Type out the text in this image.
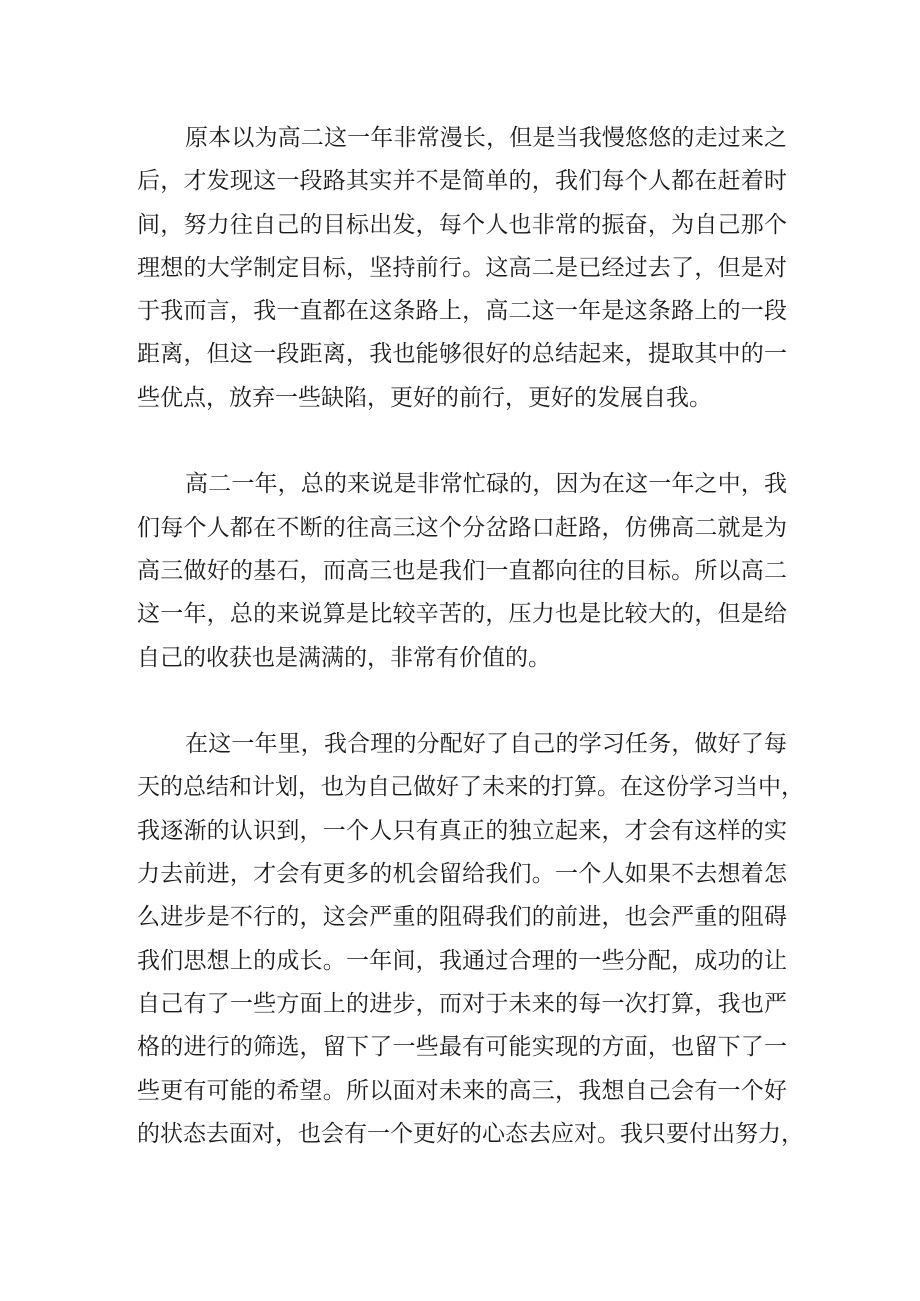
原本以为高二这一年非常漫长，但是当我慢悠悠的走过来之
后，才发现这一段路其实并不是简单的，我们每个人都在赶着时
间，努力往自己的目标出发，每个人也非常的振奋，为自己那个
理想的大学制定目标，坚持前行。这高二是已经过去了，但是对
于我而言，我一直都在这条路上，高二这一年是这条路上的一段
距离，但这一段距离，我也能够很好的总结起来，提取其中的一
些优点，放弃一些缺陷，更好的前行，更好的发展自我。
高二一年，总的来说是非常忙碌的，因为在这一年之中，我
们每个人都在不断的往高三这个分岔路口赶路，仿佛高二就是为
高三做好的基石，而高三也是我们一直都向往的目标。所以高二
这一年，总的来说算是比较辛苦的，压力也是比较大的，但是给
自己的收获也是满满的，非常有价值的。
在这一年里，我合理的分配好了自己的学习任务，做好了每
天的总结和计划，也为自己做好了未来的打算。在这份学习当中，
我逐渐的认识到，一个人只有真正的独立起来，才会有这样的实
力去前进，才会有更多的机会留给我们。一个人如果不去想着怎
么进步是不行的，这会严重的阻碍我们的前进，也会严重的阻碍
我们思想上的成长。一年间，我通过合理的一些分配，成功的让
自己有了一些方面上的进步，而对于未来的每一次打算，我也严
格的进行的筛选，留下了一些最有可能实现的方面，也留下了一
些更有可能的希望。所以面对未来的高三，我想自己会有一个好
的状态去面对，也会有一个更好的心态去应对。我只要付出努力，
